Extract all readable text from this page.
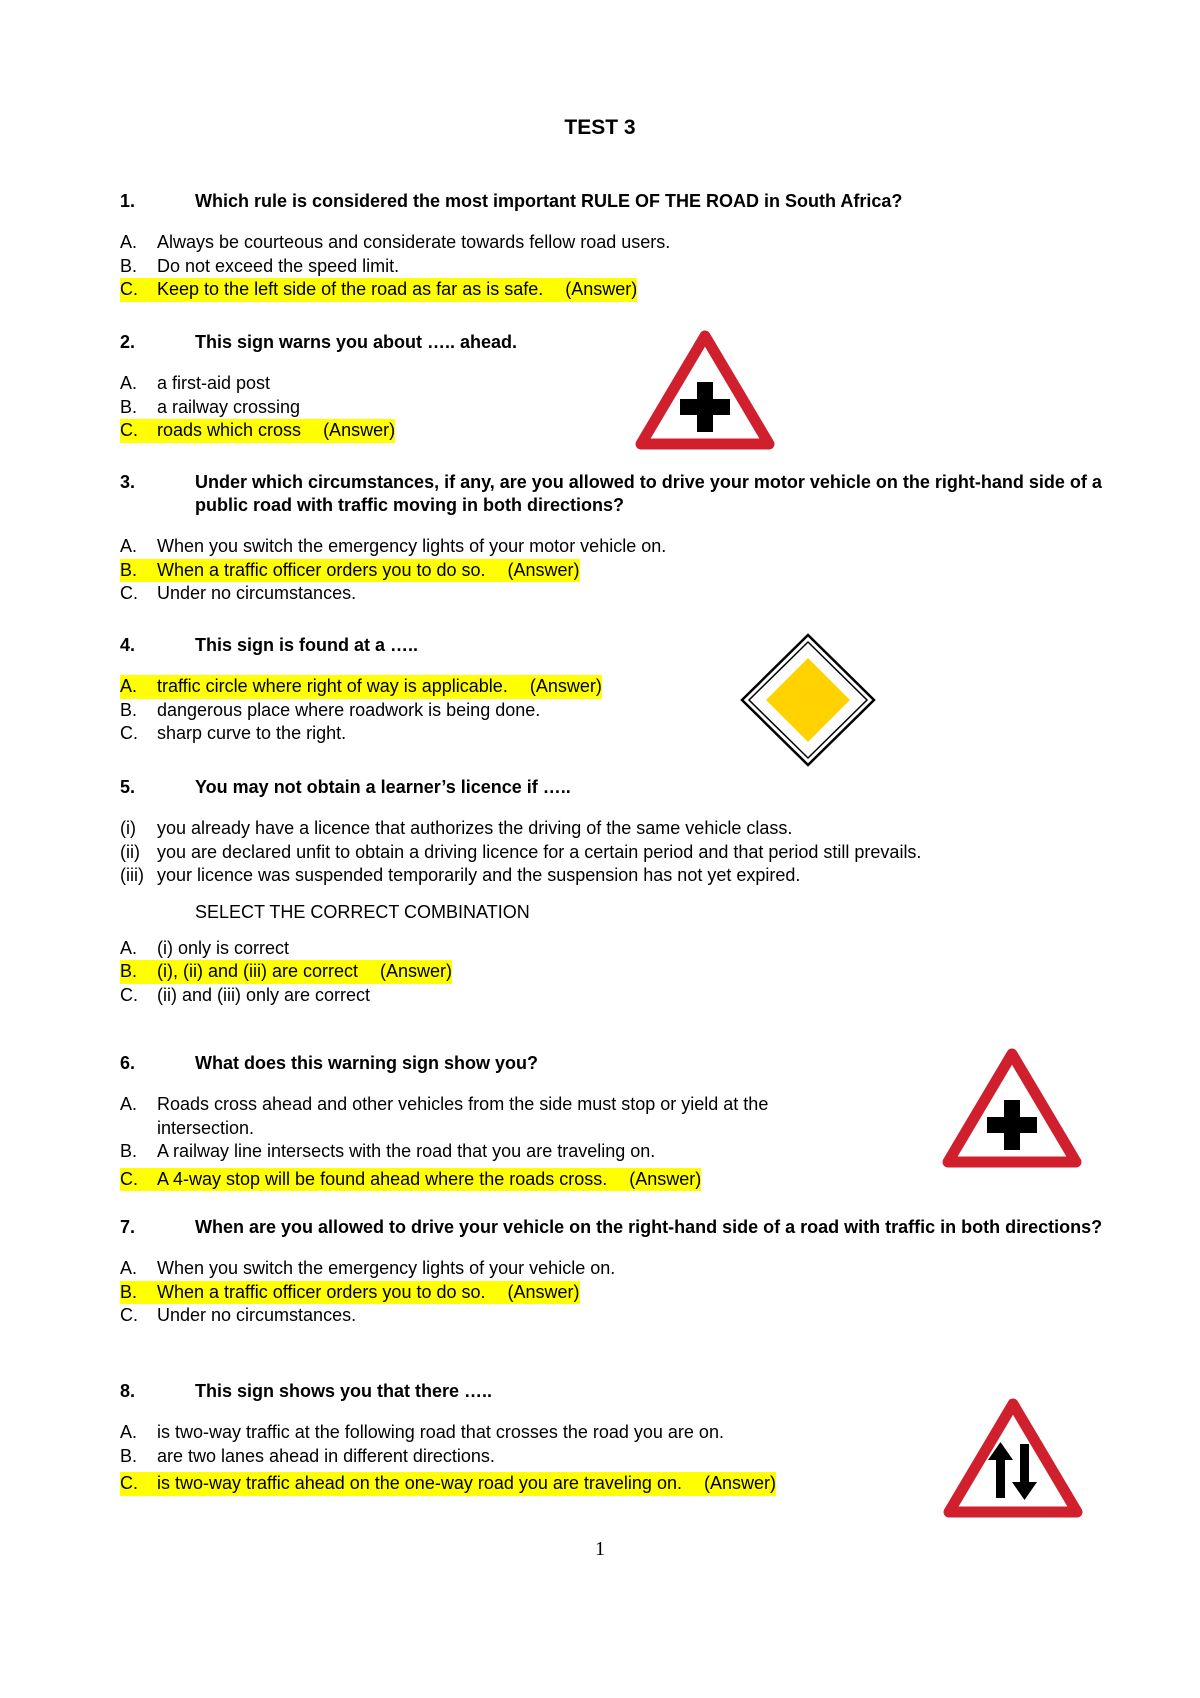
TEST 3
1.	Which rule is considered the most important RULE OF THE ROAD in South Africa?
A.	Always be courteous and considerate towards fellow road users.
B.	Do not exceed the speed limit.
C.	Keep to the left side of the road as far as is safe. (Answer)
2.	This sign warns you about ….. ahead.
A.	a first-aid post
B.	a railway crossing
C.	roads which cross (Answer)
3.	Under which circumstances, if any, are you allowed to drive your motor vehicle on the right-hand side of a public road with traffic moving in both directions?
A.	When you switch the emergency lights of your motor vehicle on.
B.	When a traffic officer orders you to do so. (Answer)
C.	Under no circumstances.
4.	This sign is found at a …..
A.	traffic circle where right of way is applicable. (Answer)
B.	dangerous place where roadwork is being done.
C.	sharp curve to the right.
5.	You may not obtain a learner’s licence if …..
(i)	you already have a licence that authorizes the driving of the same vehicle class.
(ii) you are declared unfit to obtain a driving licence for a certain period and that period still prevails.
(iii) your licence was suspended temporarily and the suspension has not yet expired.
SELECT THE CORRECT COMBINATION
A.	(i) only is correct
B.	(i), (ii) and (iii) are correct (Answer)
C.	(ii) and (iii) only are correct
6.	What does this warning sign show you?
A.	Roads cross ahead and other vehicles from the side must stop or yield at the intersection.
B.	A railway line intersects with the road that you are traveling on.
C.	A 4-way stop will be found ahead where the roads cross. (Answer)
7.	When are you allowed to drive your vehicle on the right-hand side of a road with traffic in both directions?
A.	When you switch the emergency lights of your vehicle on.
B.	When a traffic officer orders you to do so. (Answer)
C.	Under no circumstances.
8.	This sign shows you that there …..
A.	is two-way traffic at the following road that crosses the road you are on.
B.	are two lanes ahead in different directions.
C.	is two-way traffic ahead on the one-way road you are traveling on. (Answer)
1
